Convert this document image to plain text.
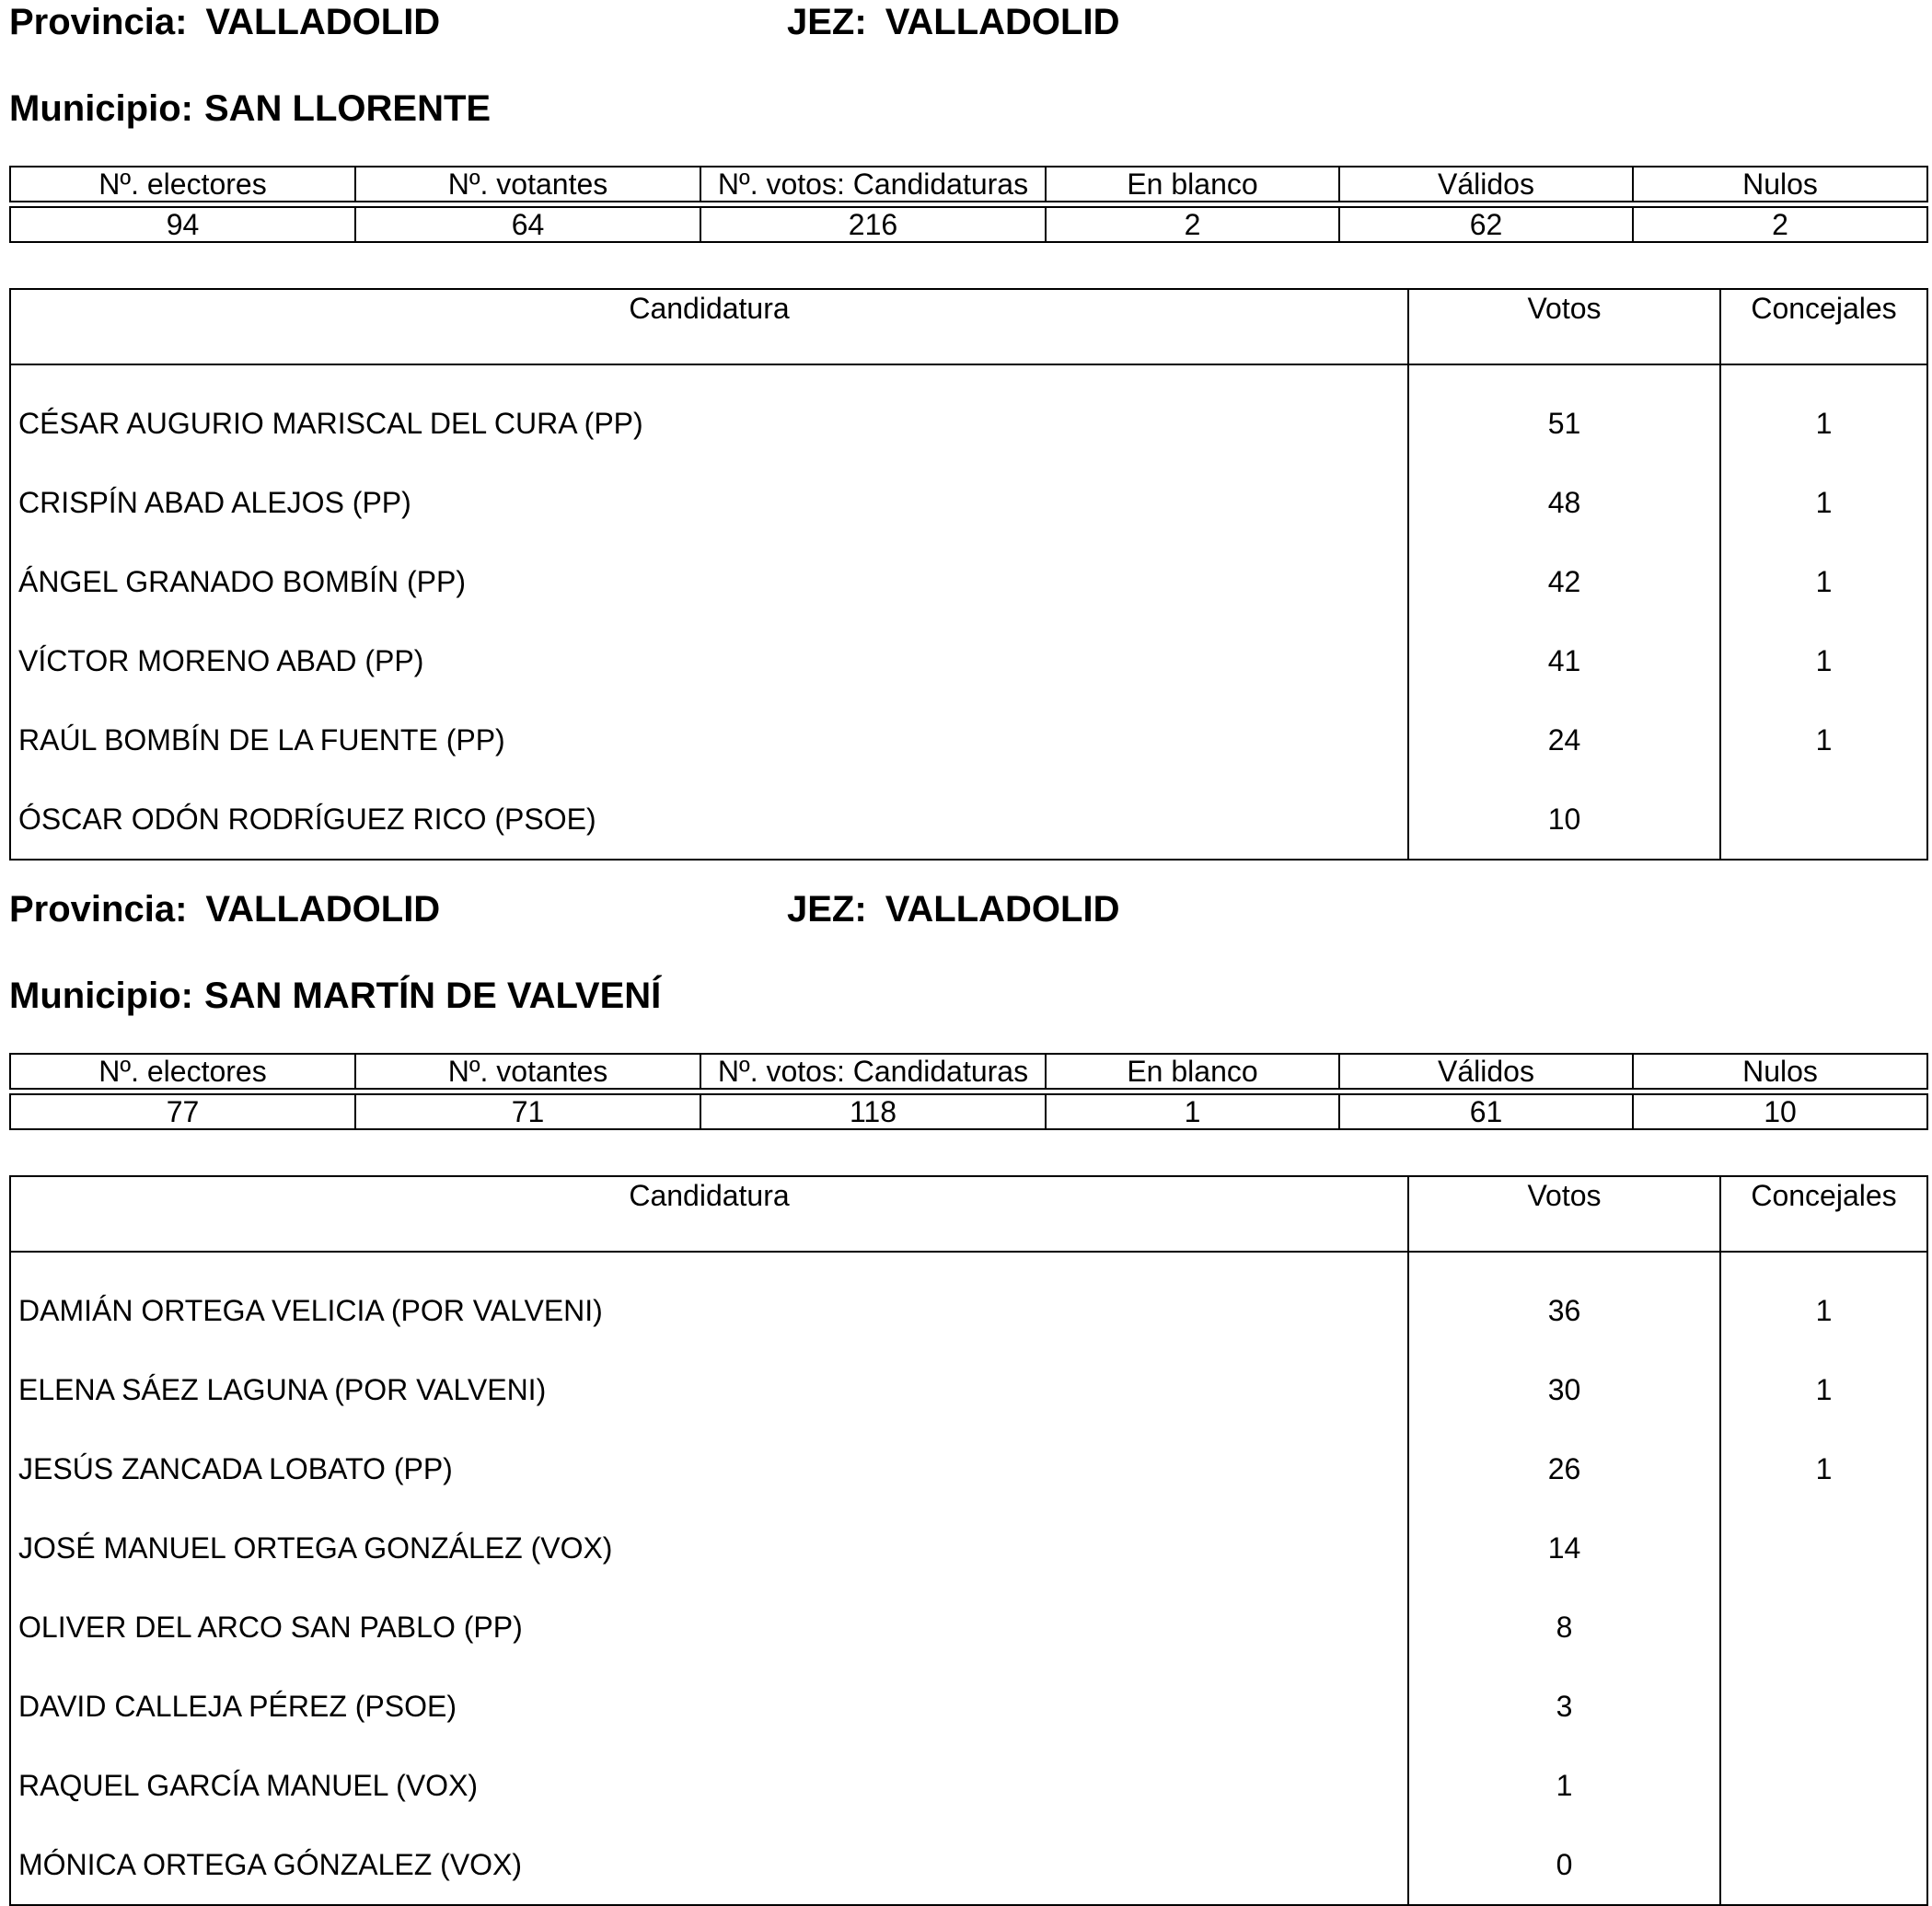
Provincia: VALLADOLID	JEZ: VALLADOLID
Municipio: SAN LLORENTE
Nº. electores	Nº. votantes	Nº. votos: Candidaturas	En blanco	Válidos	Nulos

94	64	216	2	62	2
Candidatura	Votos	Concejales
CÉSAR AUGURIO MARISCAL DEL CURA (PP)	51	1
CRISPÍN ABAD ALEJOS (PP)	48	1
ÁNGEL GRANADO BOMBÍN (PP)	42	1
VÍCTOR MORENO ABAD (PP)	41	1
RAÚL BOMBÍN DE LA FUENTE (PP)	24	1
ÓSCAR ODÓN RODRÍGUEZ RICO (PSOE)	10	
Provincia: VALLADOLID	JEZ: VALLADOLID
Municipio: SAN MARTÍN DE VALVENÍ
Nº. electores	Nº. votantes	Nº. votos: Candidaturas	En blanco	Válidos	Nulos

77	71	118	1	61	10
Candidatura	Votos	Concejales
DAMIÁN ORTEGA VELICIA (POR VALVENI)	36	1
ELENA SÁEZ LAGUNA (POR VALVENI)	30	1
JESÚS ZANCADA LOBATO (PP)	26	1
JOSÉ MANUEL ORTEGA GONZÁLEZ (VOX)	14	
OLIVER DEL ARCO SAN PABLO (PP)	8	
DAVID CALLEJA PÉREZ (PSOE)	3	
RAQUEL GARCÍA MANUEL (VOX)	1	
MÓNICA ORTEGA GÓNZALEZ (VOX)	0	
